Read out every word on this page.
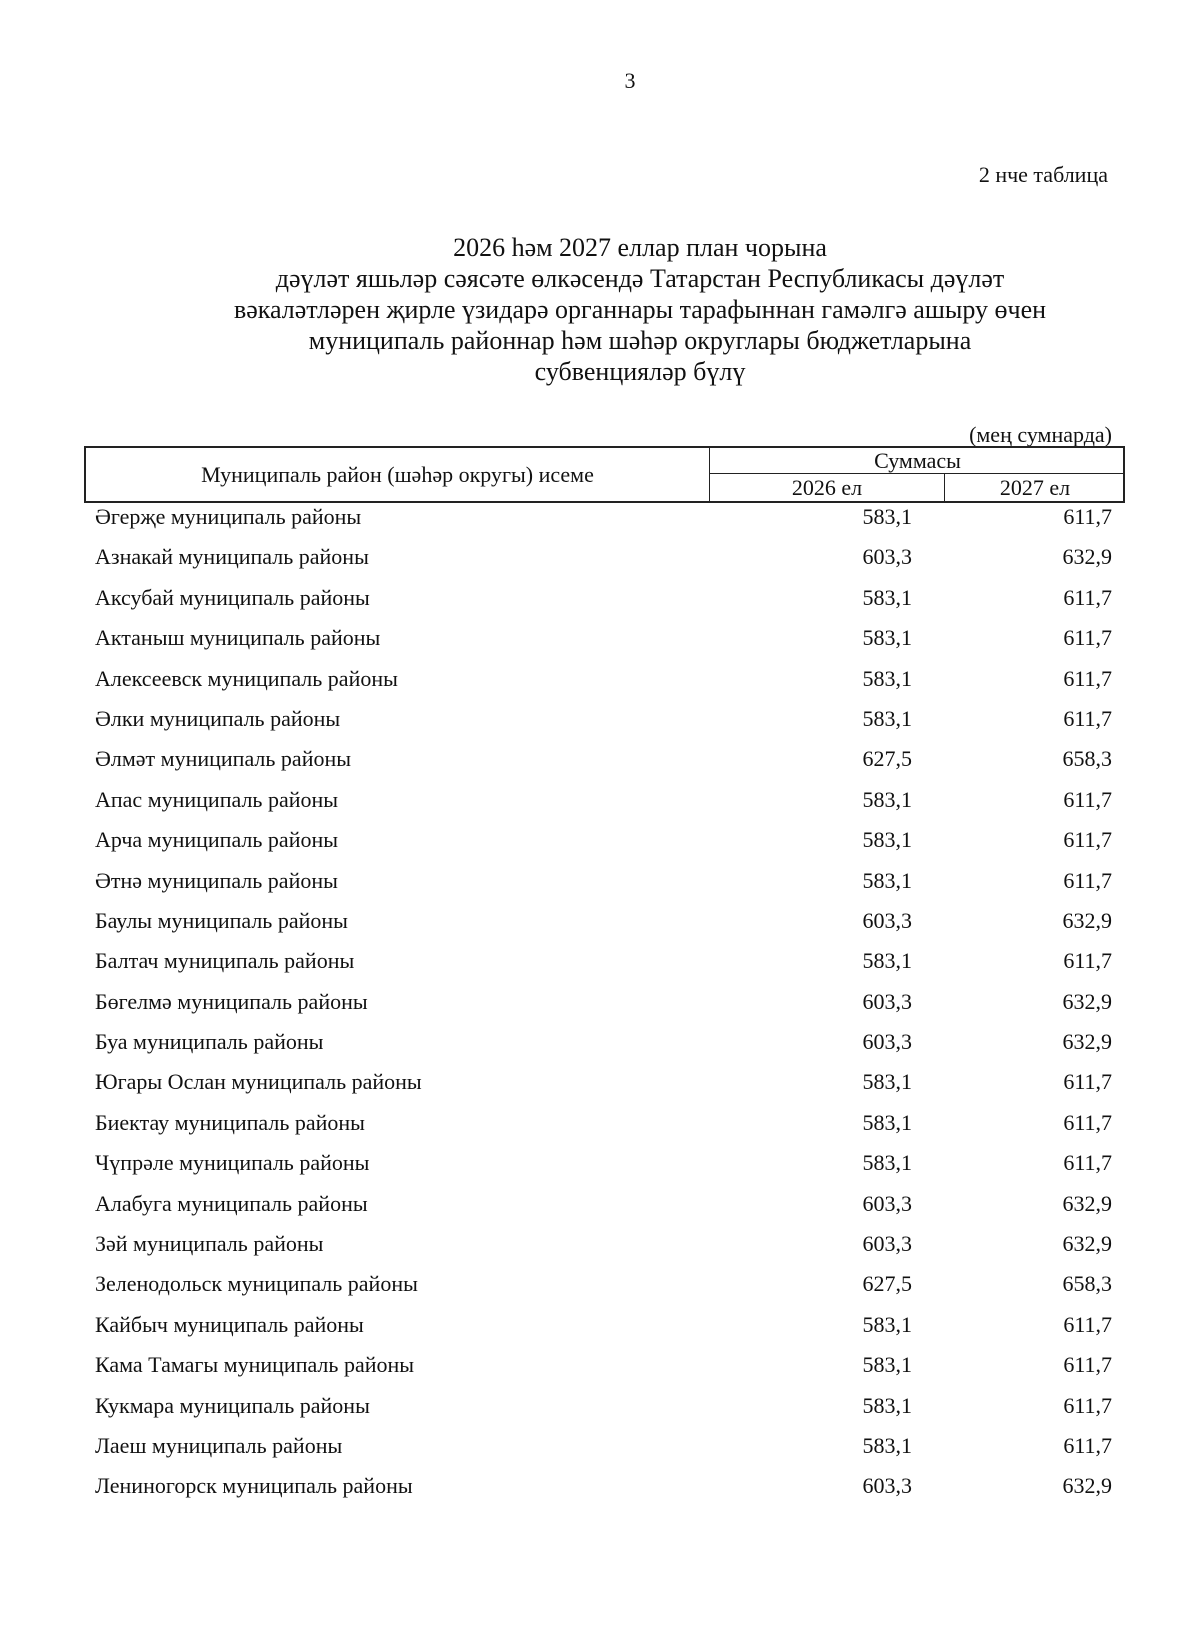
3
2 нче таблица
2026 һәм 2027 еллар план чорына
дәүләт яшьләр сәясәте өлкәсендә Татарстан Республикасы дәүләт
вәкаләтләрен җирле үзидарә органнары тарафыннан гамәлгә ашыру өчен
муниципаль районнар һәм шәһәр округлары бюджетларына
субвенцияләр бүлү
(мең сумнарда)
Муниципаль район (шәһәр округы) исеме
Суммасы
2026 ел	2027 ел
Әгерҗе муниципаль районы	583,1	611,7
Азнакай муниципаль районы	603,3	632,9
Аксубай муниципаль районы	583,1	611,7
Актаныш муниципаль районы	583,1	611,7
Алексеевск муниципаль районы	583,1	611,7
Әлки муниципаль районы	583,1	611,7
Әлмәт муниципаль районы	627,5	658,3
Апас муниципаль районы	583,1	611,7
Арча муниципаль районы	583,1	611,7
Әтнә муниципаль районы	583,1	611,7
Баулы муниципаль районы	603,3	632,9
Балтач муниципаль районы	583,1	611,7
Бөгелмә муниципаль районы	603,3	632,9
Буа муниципаль районы	603,3	632,9
Югары Ослан муниципаль районы	583,1	611,7
Биектау муниципаль районы	583,1	611,7
Чүпрәле муниципаль районы	583,1	611,7
Алабуга муниципаль районы	603,3	632,9
Зәй муниципаль районы	603,3	632,9
Зеленодольск муниципаль районы	627,5	658,3
Кайбыч муниципаль районы	583,1	611,7
Кама Тамагы муниципаль районы	583,1	611,7
Кукмара муниципаль районы	583,1	611,7
Лаеш муниципаль районы	583,1	611,7
Лениногорск муниципаль районы	603,3	632,9
